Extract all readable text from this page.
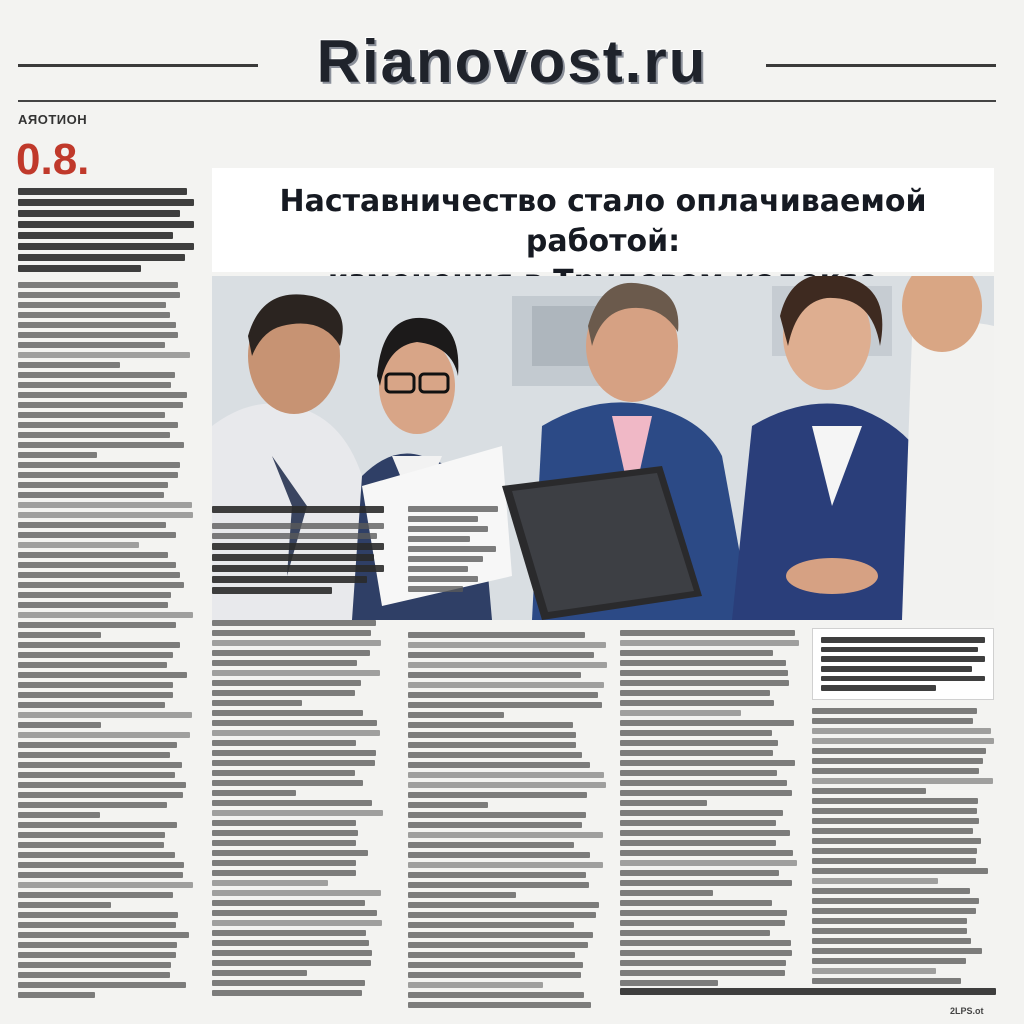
Rianovost.ru
AЯОТИОН
0.8.
Наставничество стало оплачиваемой работой:
2LPS.ot
